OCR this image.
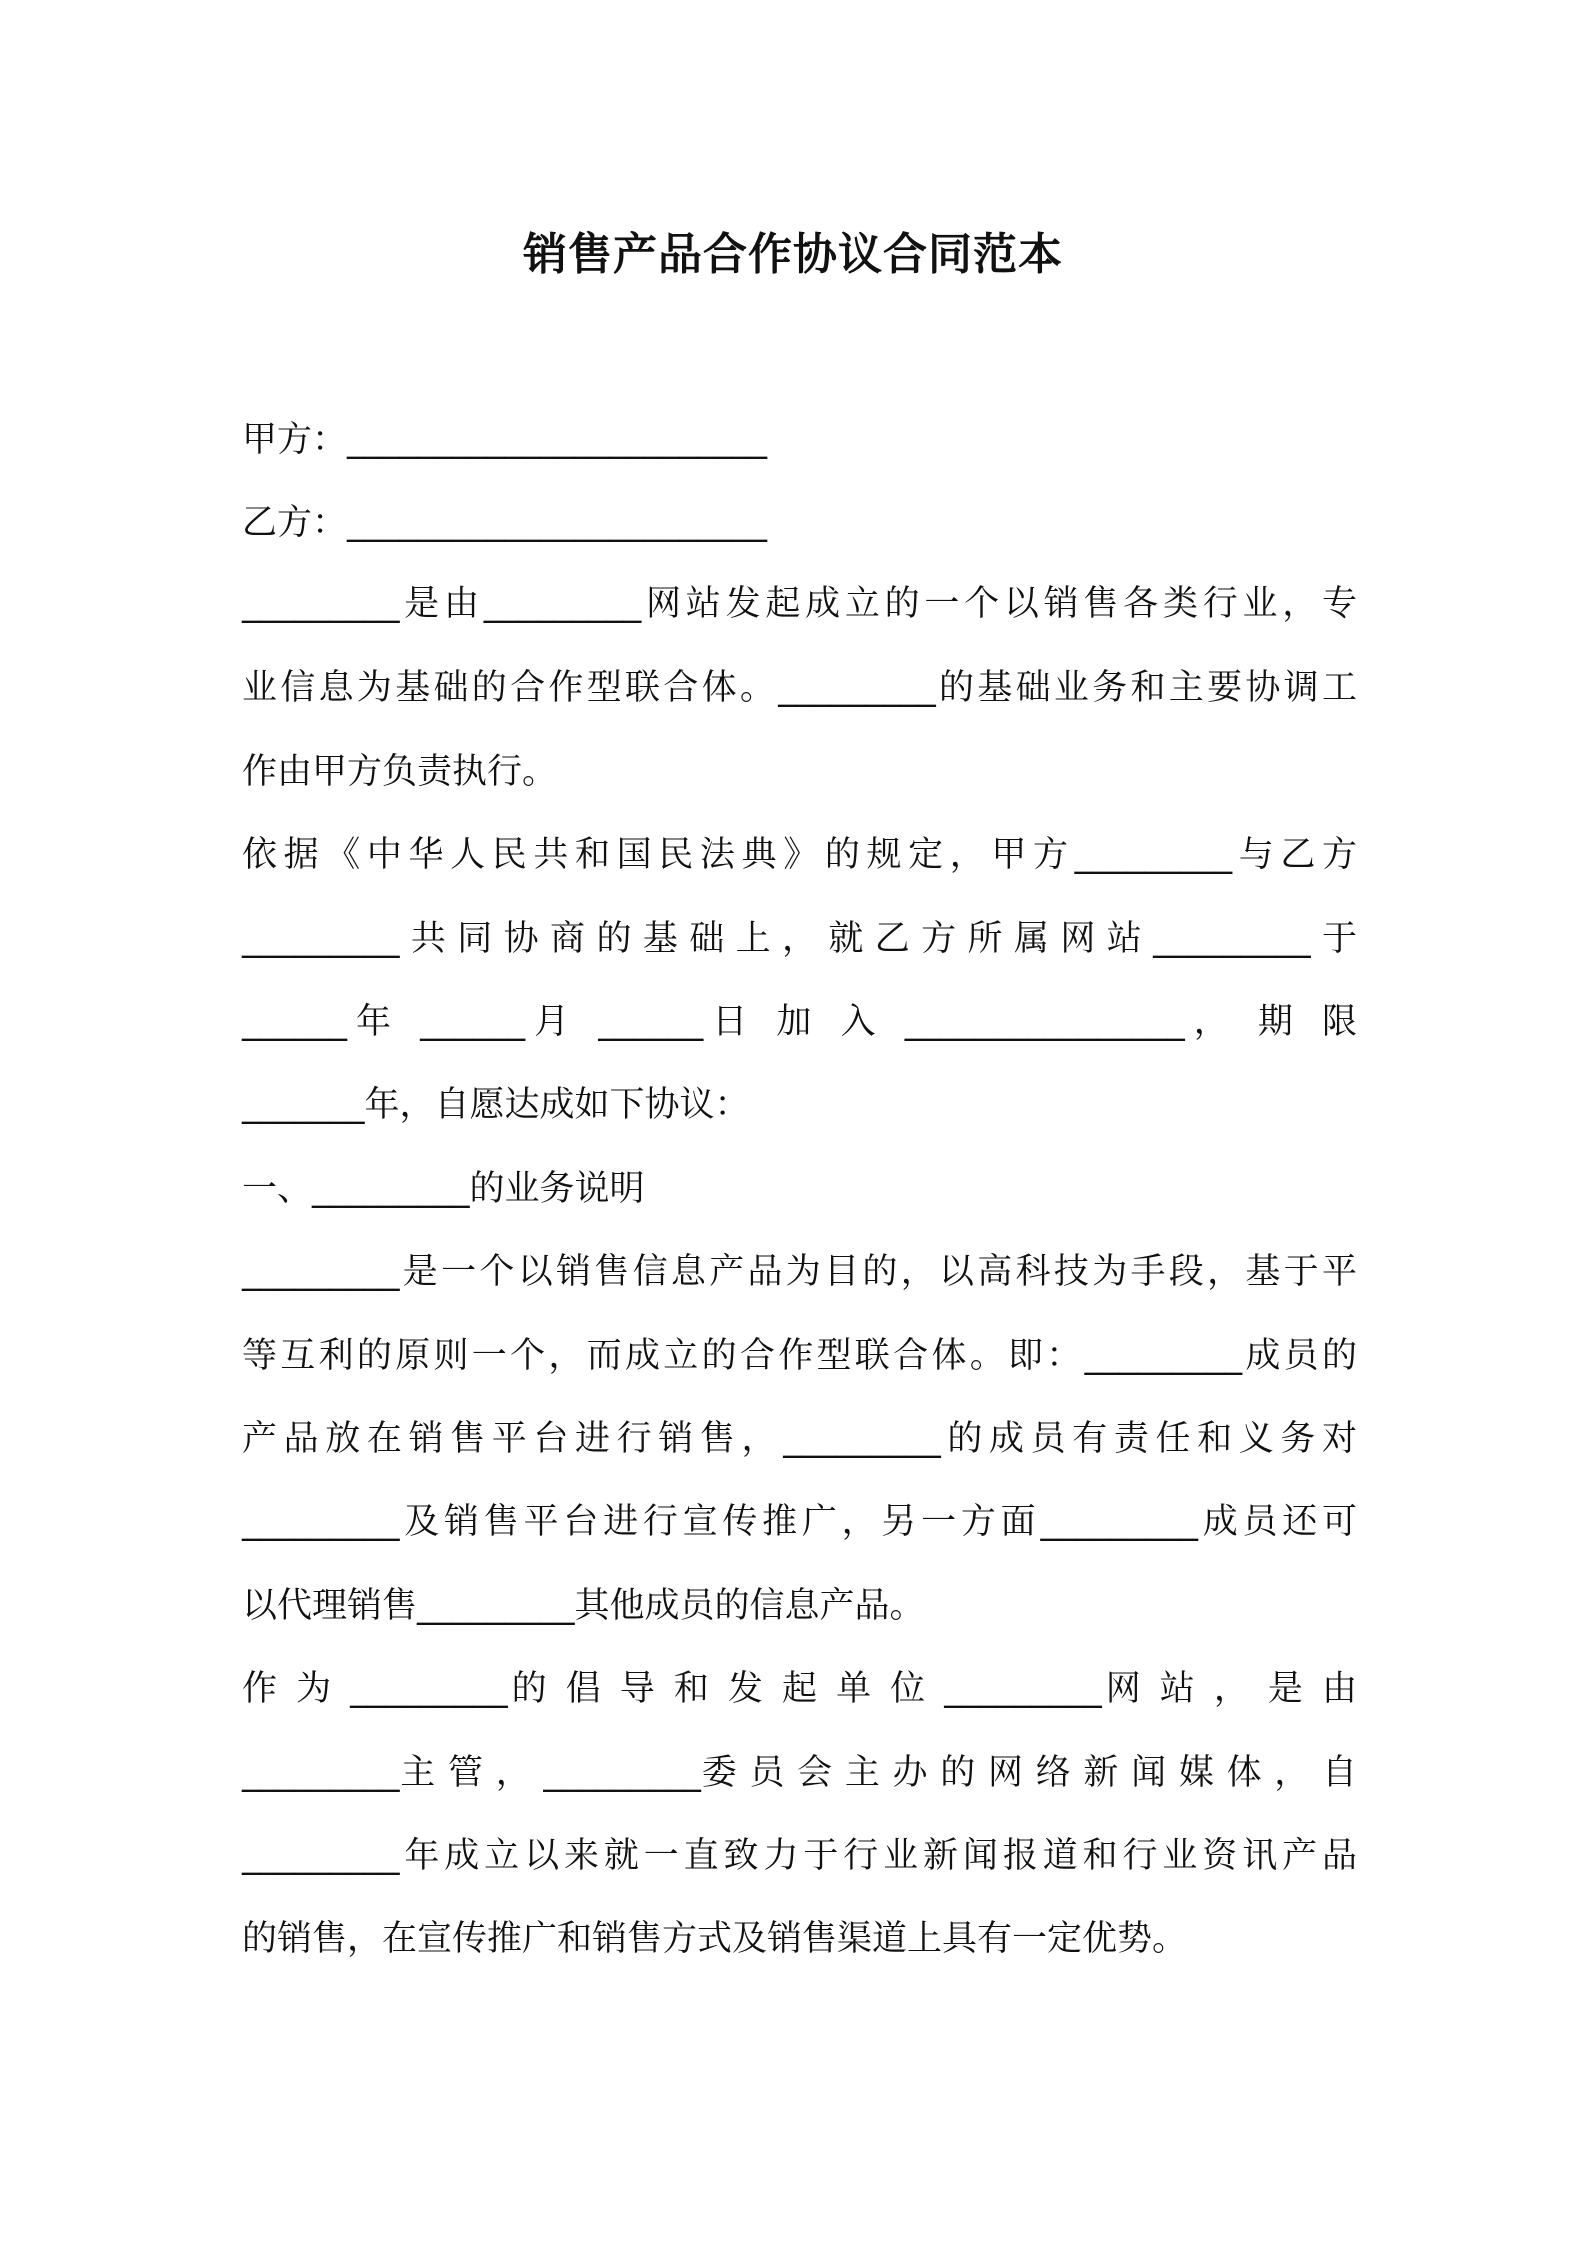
销售产品合作协议合同范本
甲方：________________________
乙方：________________________
_________是由_________网站发起成立的一个以销售各类行业，专
业信息为基础的合作型联合体。_________的基础业务和主要协调工
作由甲方负责执行。
依据《中华人民共和国民法典》的规定，甲方_________与乙方
_________共同协商的基础上，就乙方所属网站_________于
______年 ______月 ______日 加 入 ________________， 期 限
_______年，自愿达成如下协议：
一、_________的业务说明
_________是一个以销售信息产品为目的，以高科技为手段，基于平
等互利的原则一个，而成立的合作型联合体。即：_________成员的
产品放在销售平台进行销售，_________的成员有责任和义务对
_________及销售平台进行宣传推广，另一方面_________成员还可
以代理销售_________其他成员的信息产品。
作 为 _________的 倡 导 和 发 起 单 位 _________网 站 ， 是 由
_________主 管 ， _________委 员 会 主 办 的 网 络 新 闻 媒 体 ， 自
_________年成立以来就一直致力于行业新闻报道和行业资讯产品
的销售，在宣传推广和销售方式及销售渠道上具有一定优势。
